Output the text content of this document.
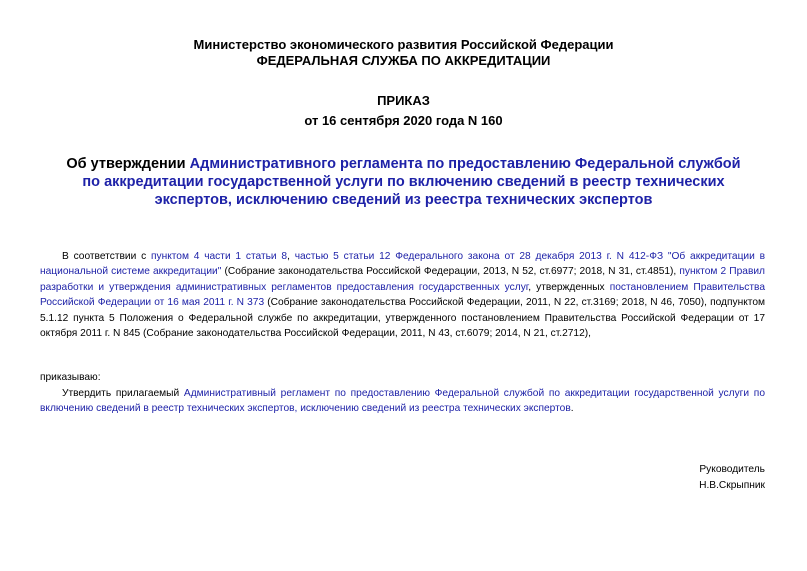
Министерство экономического развития Российской Федерации
ФЕДЕРАЛЬНАЯ СЛУЖБА ПО АККРЕДИТАЦИИ
ПРИКАЗ
от 16 сентября 2020 года N 160
Об утверждении Административного регламента по предоставлению Федеральной службой по аккредитации государственной услуги по включению сведений в реестр технических экспертов, исключению сведений из реестра технических экспертов
В соответствии с пунктом 4 части 1 статьи 8, частью 5 статьи 12 Федерального закона от 28 декабря 2013 г. N 412-ФЗ "Об аккредитации в национальной системе аккредитации" (Собрание законодательства Российской Федерации, 2013, N 52, ст.6977; 2018, N 31, ст.4851), пунктом 2 Правил разработки и утверждения административных регламентов предоставления государственных услуг, утвержденных постановлением Правительства Российской Федерации от 16 мая 2011 г. N 373 (Собрание законодательства Российской Федерации, 2011, N 22, ст.3169; 2018, N 46, 7050), подпунктом 5.1.12 пункта 5 Положения о Федеральной службе по аккредитации, утвержденного постановлением Правительства Российской Федерации от 17 октября 2011 г. N 845 (Собрание законодательства Российской Федерации, 2011, N 43, ст.6079; 2014, N 21, ст.2712),
приказываю:
Утвердить прилагаемый Административный регламент по предоставлению Федеральной службой по аккредитации государственной услуги по включению сведений в реестр технических экспертов, исключению сведений из реестра технических экспертов.
Руководитель
Н.В.Скрыпник
